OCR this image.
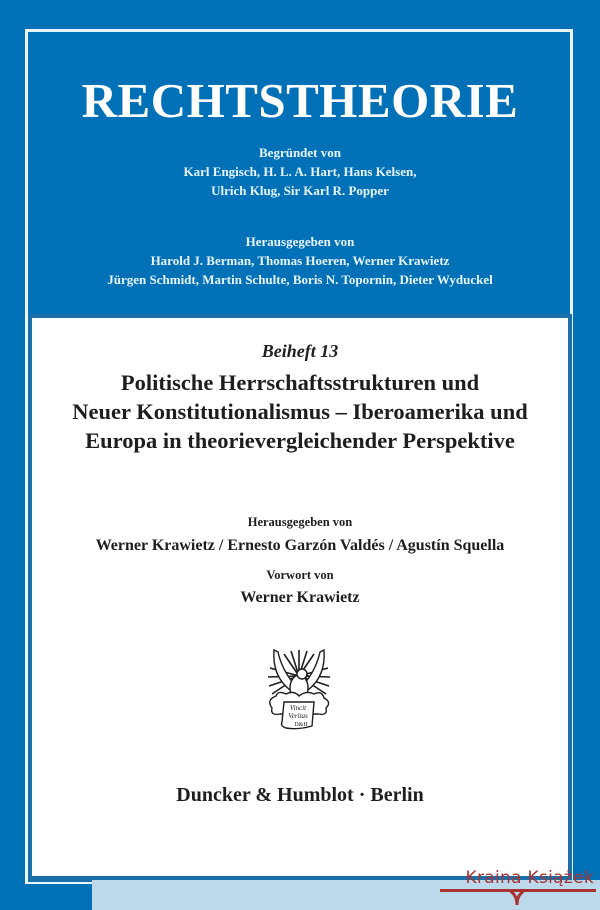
RECHTSTHEORIE
Begründet von
Karl Engisch, H. L. A. Hart, Hans Kelsen,
Ulrich Klug, Sir Karl R. Popper
Herausgegeben von
Harold J. Berman, Thomas Hoeren, Werner Krawietz
Jürgen Schmidt, Martin Schulte, Boris N. Topornin, Dieter Wyduckel
Beiheft 13
Politische Herrschaftsstrukturen und
Neuer Konstitutionalismus – Iberoamerika und
Europa in theorievergleichender Perspektive
Herausgegeben von
Werner Krawietz / Ernesto Garzón Valdés / Agustín Squella
Vorwort von
Werner Krawietz
Vincit
Veritas
D&H
Duncker & Humblot · Berlin
Kraina Książek
